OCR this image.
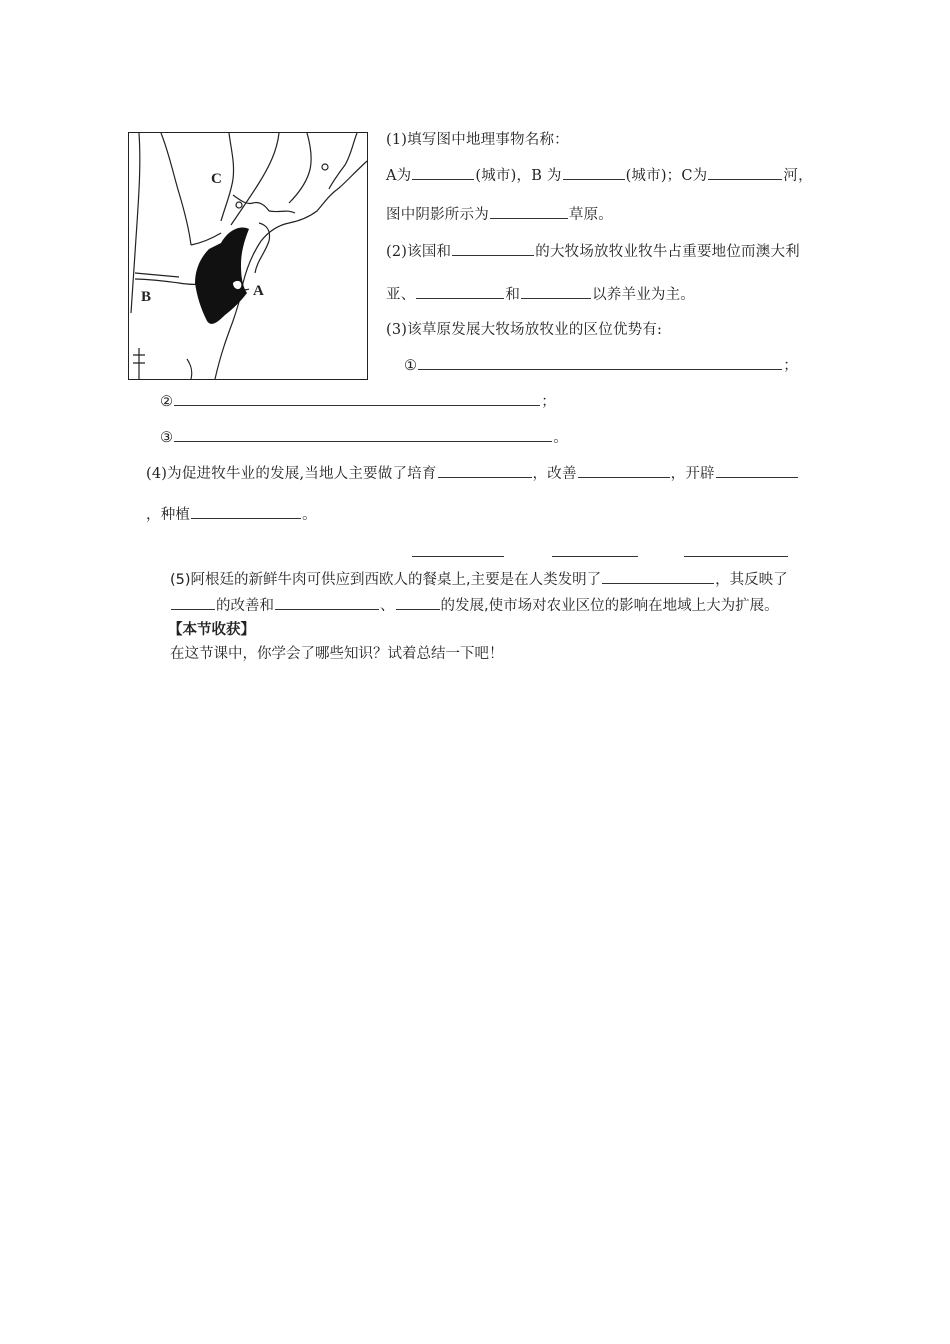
C
A
B
(1)填写图中地理事物名称：
A为	(城市)，B 为	(城市)；C为	河，
图中阴影所示为	草原。
(2)该国和	的大牧场放牧业牧牛占重要地位而澳大利
亚、	和	以养羊业为主。
(3)该草原发展大牧场放牧业的区位优势有:
①	；
②	；
③	。
(4)为促进牧牛业的发展,当地人主要做了培育	，改善	，开辟
，种植	。
(5)阿根廷的新鲜牛肉可供应到西欧人的餐桌上,主要是在人类发明了	，其反映了
的改善和	、	的发展,使市场对农业区位的影响在地域上大为扩展。
【本节收获】
在这节课中，你学会了哪些知识？试着总结一下吧！
